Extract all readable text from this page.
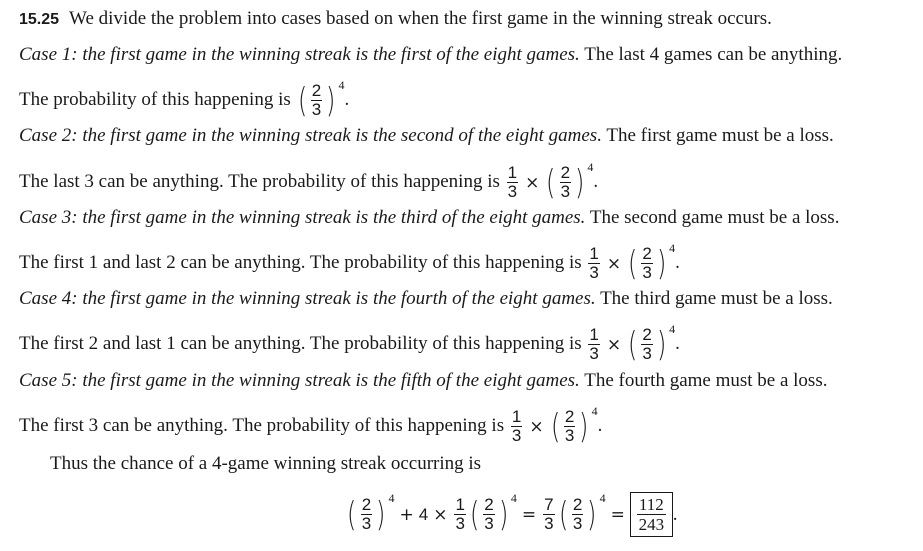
15.25 We divide the problem into cases based on when the first game in the winning streak occurs.
Case 1: the first game in the winning streak is the first of the eight games. The last 4 games can be anything.
The probability of this happening is ( $\frac{2}{3}$ ) 4
.
Case 2: the first game in the winning streak is the second of the eight games. The first game must be a loss.
The last 3 can be anything. The probability of this happening is $\frac{1}{3}$ × ( $\frac{2}{3}$ ) 4
.
Case 3: the first game in the winning streak is the third of the eight games. The second game must be a loss.
The first 1 and last 2 can be anything. The probability of this happening is $\frac{1}{3}$ × ( $\frac{2}{3}$ ) 4
.
Case 4: the first game in the winning streak is the fourth of the eight games. The third game must be a loss.
The first 2 and last 1 can be anything. The probability of this happening is $\frac{1}{3}$ × ( $\frac{2}{3}$ ) 4
.
Case 5: the first game in the winning streak is the fifth of the eight games. The fourth game must be a loss.
The first 3 can be anything. The probability of this happening is $\frac{1}{3}$ × ( $\frac{2}{3}$ ) 4
.
Thus the chance of a 4-game winning streak occurring is
( $\frac{2}{3}$ ) 4
+ $4 \times \frac{1}{3}$ ( $\frac{2}{3}$ ) 4
= $\frac{7}{3}$ ( $\frac{2}{3}$ ) 4
= $\frac{112}{243}$ .
